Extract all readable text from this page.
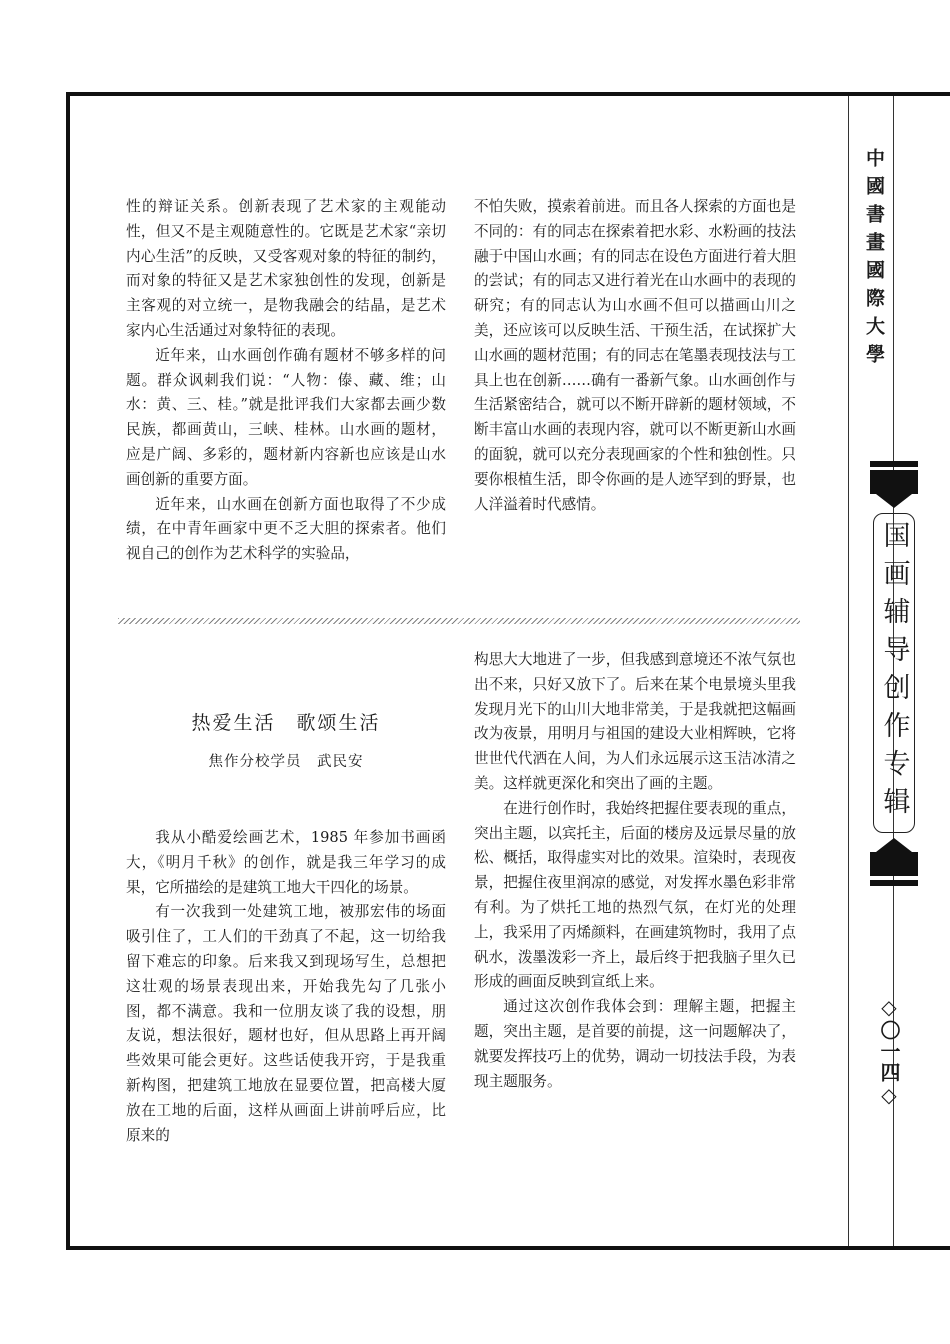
性的辩证关系。创新表现了艺术家的主观能动性，但又不是主观随意性的。它既是艺术家“亲切内心生活”的反映，又受客观对象的特征的制约，而对象的特征又是艺术家独创性的发现，创新是主客观的对立统一，是物我融会的结晶，是艺术家内心生活通过对象特征的表现。

近年来，山水画创作确有题材不够多样的问题。群众讽刺我们说：“人物：傣、藏、维；山水：黄、三、桂。”就是批评我们大家都去画少数民族，都画黄山，三峡、桂林。山水画的题材，应是广阔、多彩的，题材新内容新也应该是山水画创新的重要方面。

近年来，山水画在创新方面也取得了不少成绩，在中青年画家中更不乏大胆的探索者。他们视自己的创作为艺术科学的实验品，

不怕失败，摸索着前进。而且各人探索的方面也是不同的：有的同志在探索着把水彩、水粉画的技法融于中国山水画；有的同志在设色方面进行着大胆的尝试；有的同志又进行着光在山水画中的表现的研究；有的同志认为山水画不但可以描画山川之美，还应该可以反映生活、干预生活，在试探扩大山水画的题材范围；有的同志在笔墨表现技法与工具上也在创新……确有一番新气象。山水画创作与生活紧密结合，就可以不断开辟新的题材领域，不断丰富山水画的表现内容，就可以不断更新山水画的面貌，就可以充分表现画家的个性和独创性。只要你根植生活，即令你画的是人迹罕到的野景，也人洋溢着时代感情。

热爱生活　歌颂生活
焦作分校学员　武民安

我从小酷爱绘画艺术，1985 年参加书画函大，《明月千秋》的创作，就是我三年学习的成果，它所描绘的是建筑工地大干四化的场景。

有一次我到一处建筑工地，被那宏伟的场面吸引住了，工人们的干劲真了不起，这一切给我留下难忘的印象。后来我又到现场写生，总想把这壮观的场景表现出来，开始我先勾了几张小图，都不满意。我和一位朋友谈了我的设想，朋友说，想法很好，题材也好，但从思路上再开阔些效果可能会更好。这些话使我开窍，于是我重新构图，把建筑工地放在显要位置，把高楼大厦放在工地的后面，这样从画面上讲前呼后应，比原来的

构思大大地进了一步，但我感到意境还不浓气氛也出不来，只好又放下了。后来在某个电景境头里我发现月光下的山川大地非常美，于是我就把这幅画改为夜景，用明月与祖国的建设大业相辉映，它将世世代代洒在人间，为人们永远展示这玉洁冰清之美。这样就更深化和突出了画的主题。

在进行创作时，我始终把握住要表现的重点，突出主题，以宾托主，后面的楼房及远景尽量的放松、概括，取得虚实对比的效果。渲染时，表现夜景，把握住夜里润凉的感觉，对发挥水墨色彩非常有利。为了烘托工地的热烈气氛，在灯光的处理上，我采用了丙烯颜料，在画建筑物时，我用了点矾水，泼墨泼彩一齐上，最后终于把我脑子里久已形成的画面反映到宣纸上来。

通过这次创作我体会到：理解主题，把握主题，突出主题，是首要的前提，这一问题解决了，就要发挥技巧上的优势，调动一切技法手段，为表现主题服务。

中國書畫國際大學
国画辅导创作专辑
◇〇一四◇
